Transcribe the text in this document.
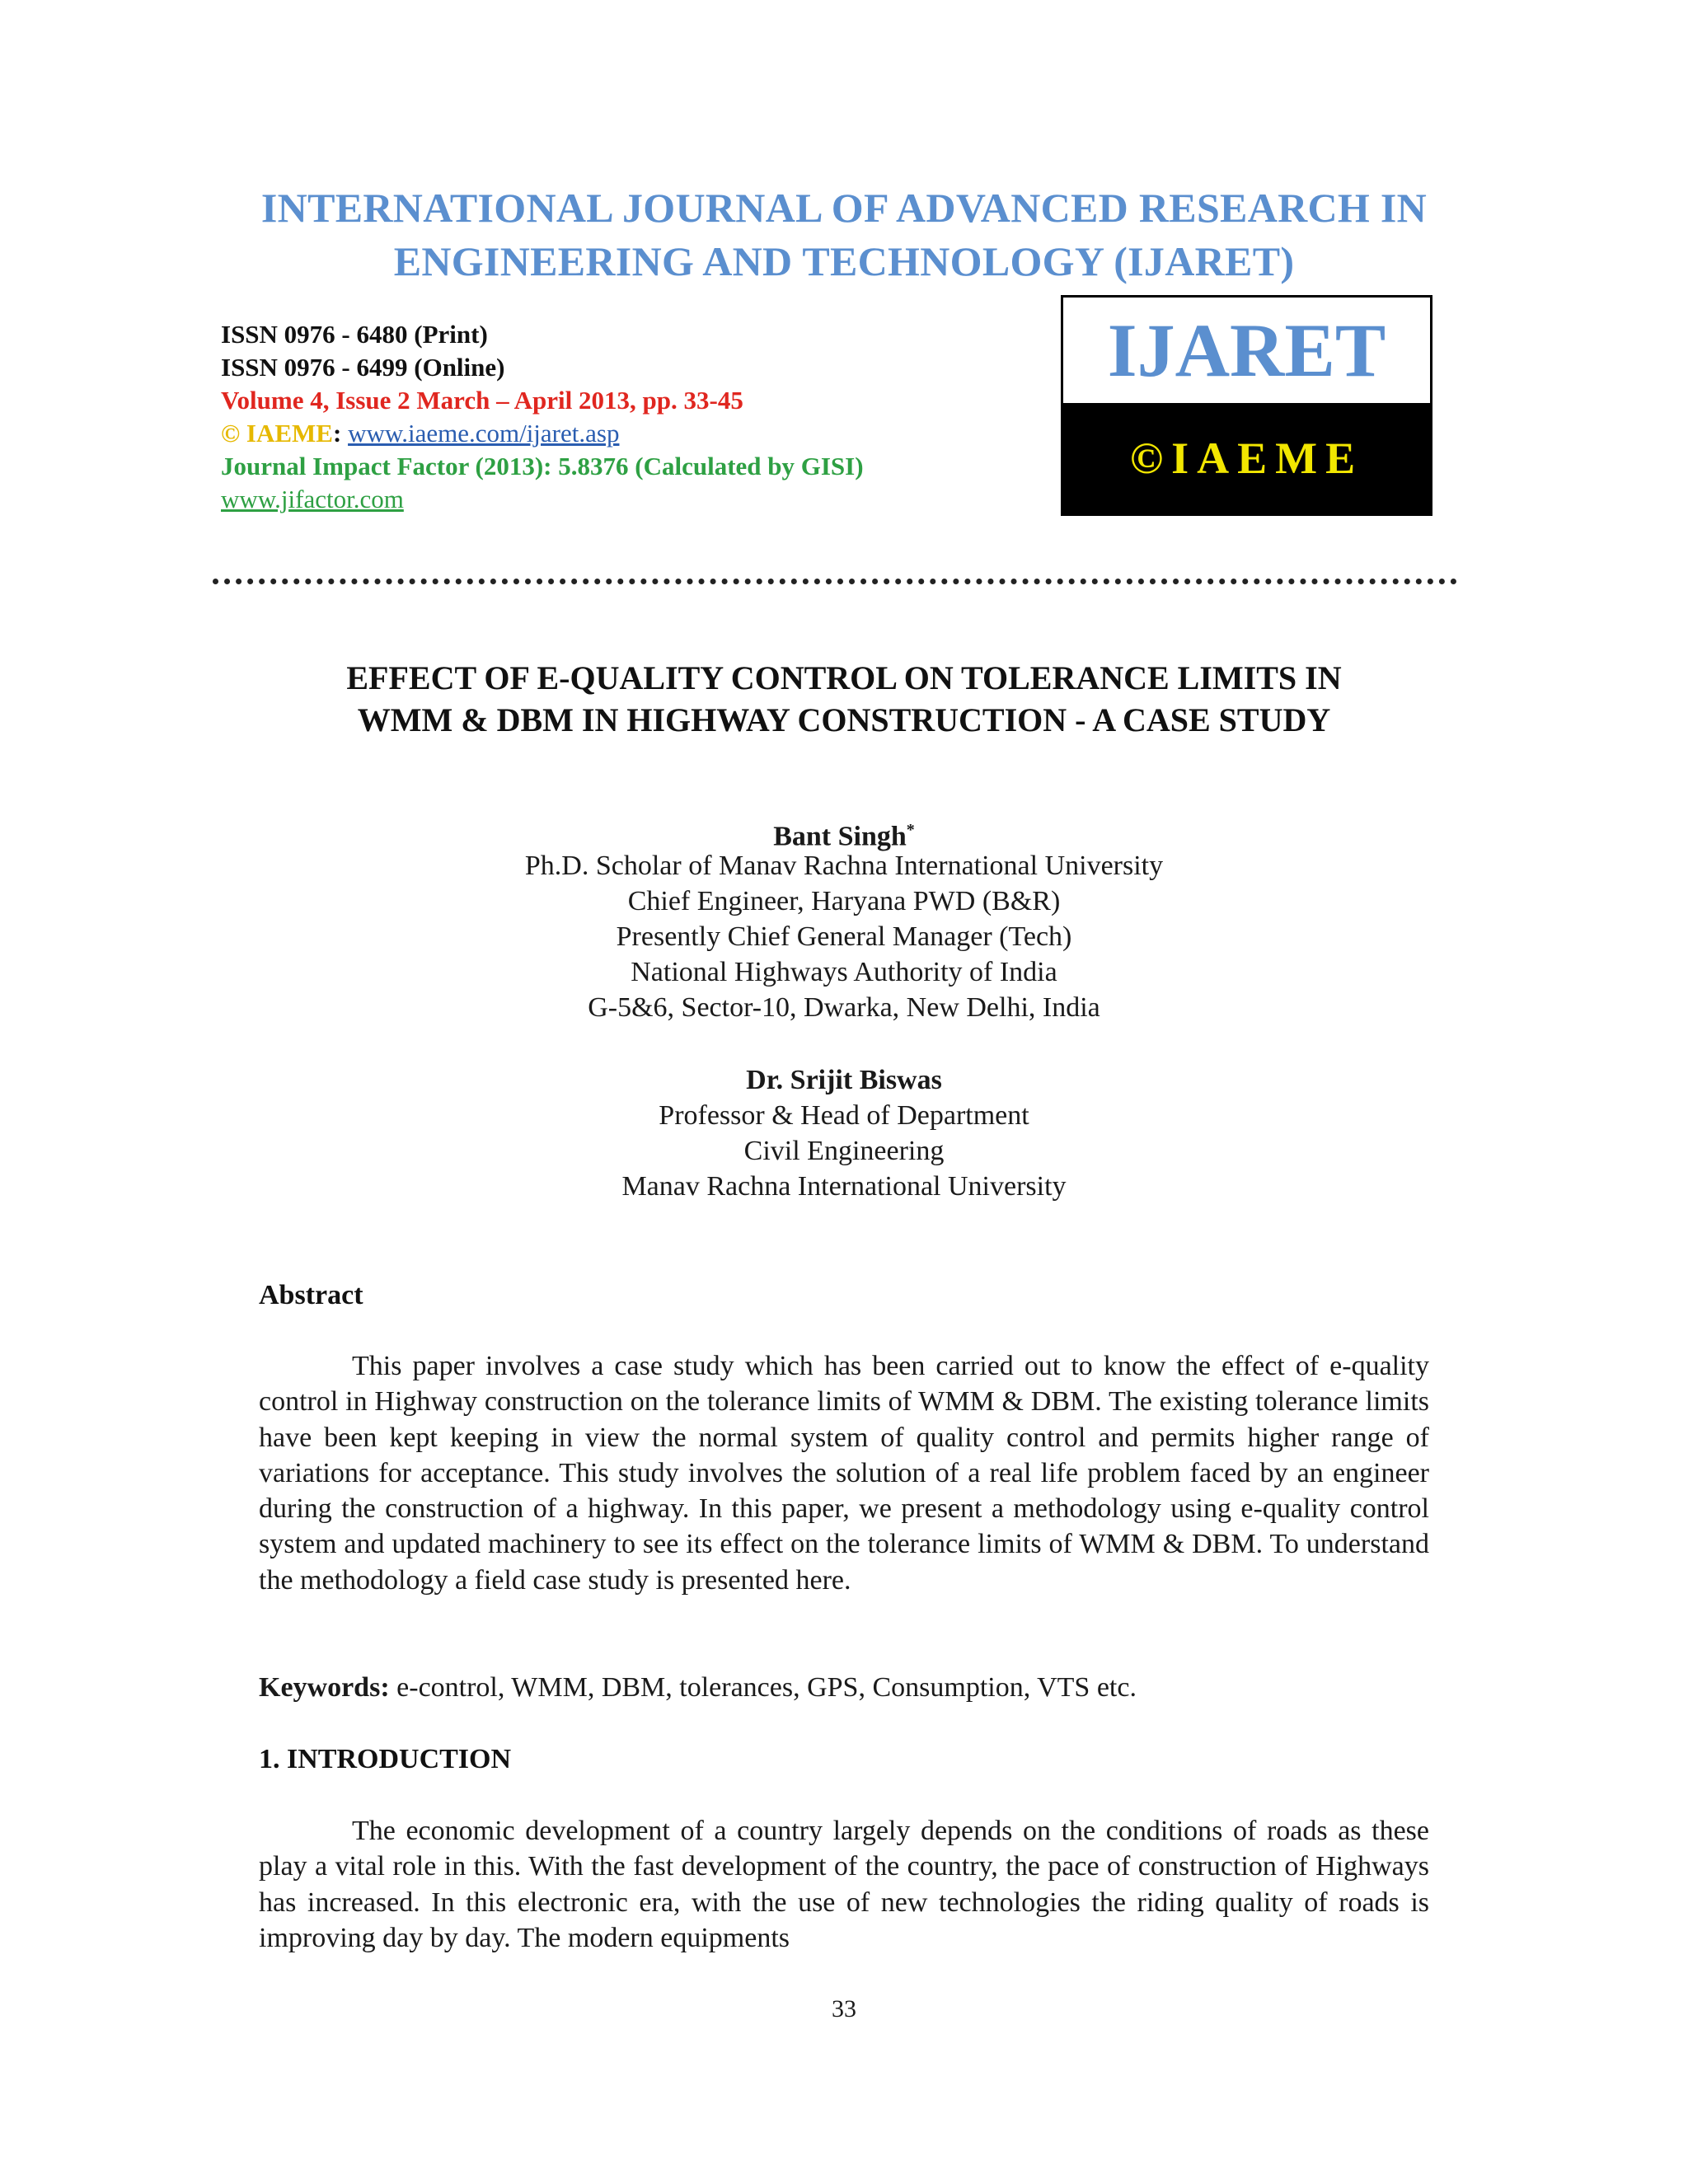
INTERNATIONAL JOURNAL OF ADVANCED RESEARCH IN
ENGINEERING AND TECHNOLOGY (IJARET)
ISSN 0976 - 6480 (Print)
ISSN 0976 - 6499 (Online)
Volume 4, Issue 2 March – April 2013, pp. 33-45
© IAEME: www.iaeme.com/ijaret.asp
Journal Impact Factor (2013): 5.8376 (Calculated by GISI)
www.jifactor.com
IJARET
©IAEME
EFFECT OF E-QUALITY CONTROL ON TOLERANCE LIMITS IN
WMM & DBM IN HIGHWAY CONSTRUCTION - A CASE STUDY
Bant Singh*
Ph.D. Scholar of Manav Rachna International University
Chief Engineer, Haryana PWD (B&R)
Presently Chief General Manager (Tech)
National Highways Authority of India
G-5&6, Sector-10, Dwarka, New Delhi, India
Dr. Srijit Biswas
Professor & Head of Department
Civil Engineering
Manav Rachna International University
Abstract
This paper involves a case study which has been carried out to know the effect of e-quality control in Highway construction on the tolerance limits of WMM & DBM. The existing tolerance limits have been kept keeping in view the normal system of quality control and permits higher range of variations for acceptance. This study involves the solution of a real life problem faced by an engineer during the construction of a highway. In this paper, we present a methodology using e-quality control system and updated machinery to see its effect on the tolerance limits of WMM & DBM. To understand the methodology a field case study is presented here.
Keywords: e-control, WMM, DBM, tolerances, GPS, Consumption, VTS etc.
1. INTRODUCTION
The economic development of a country largely depends on the conditions of roads as these play a vital role in this. With the fast development of the country, the pace of construction of Highways has increased. In this electronic era, with the use of new technologies the riding quality of roads is improving day by day. The modern equipments
33
